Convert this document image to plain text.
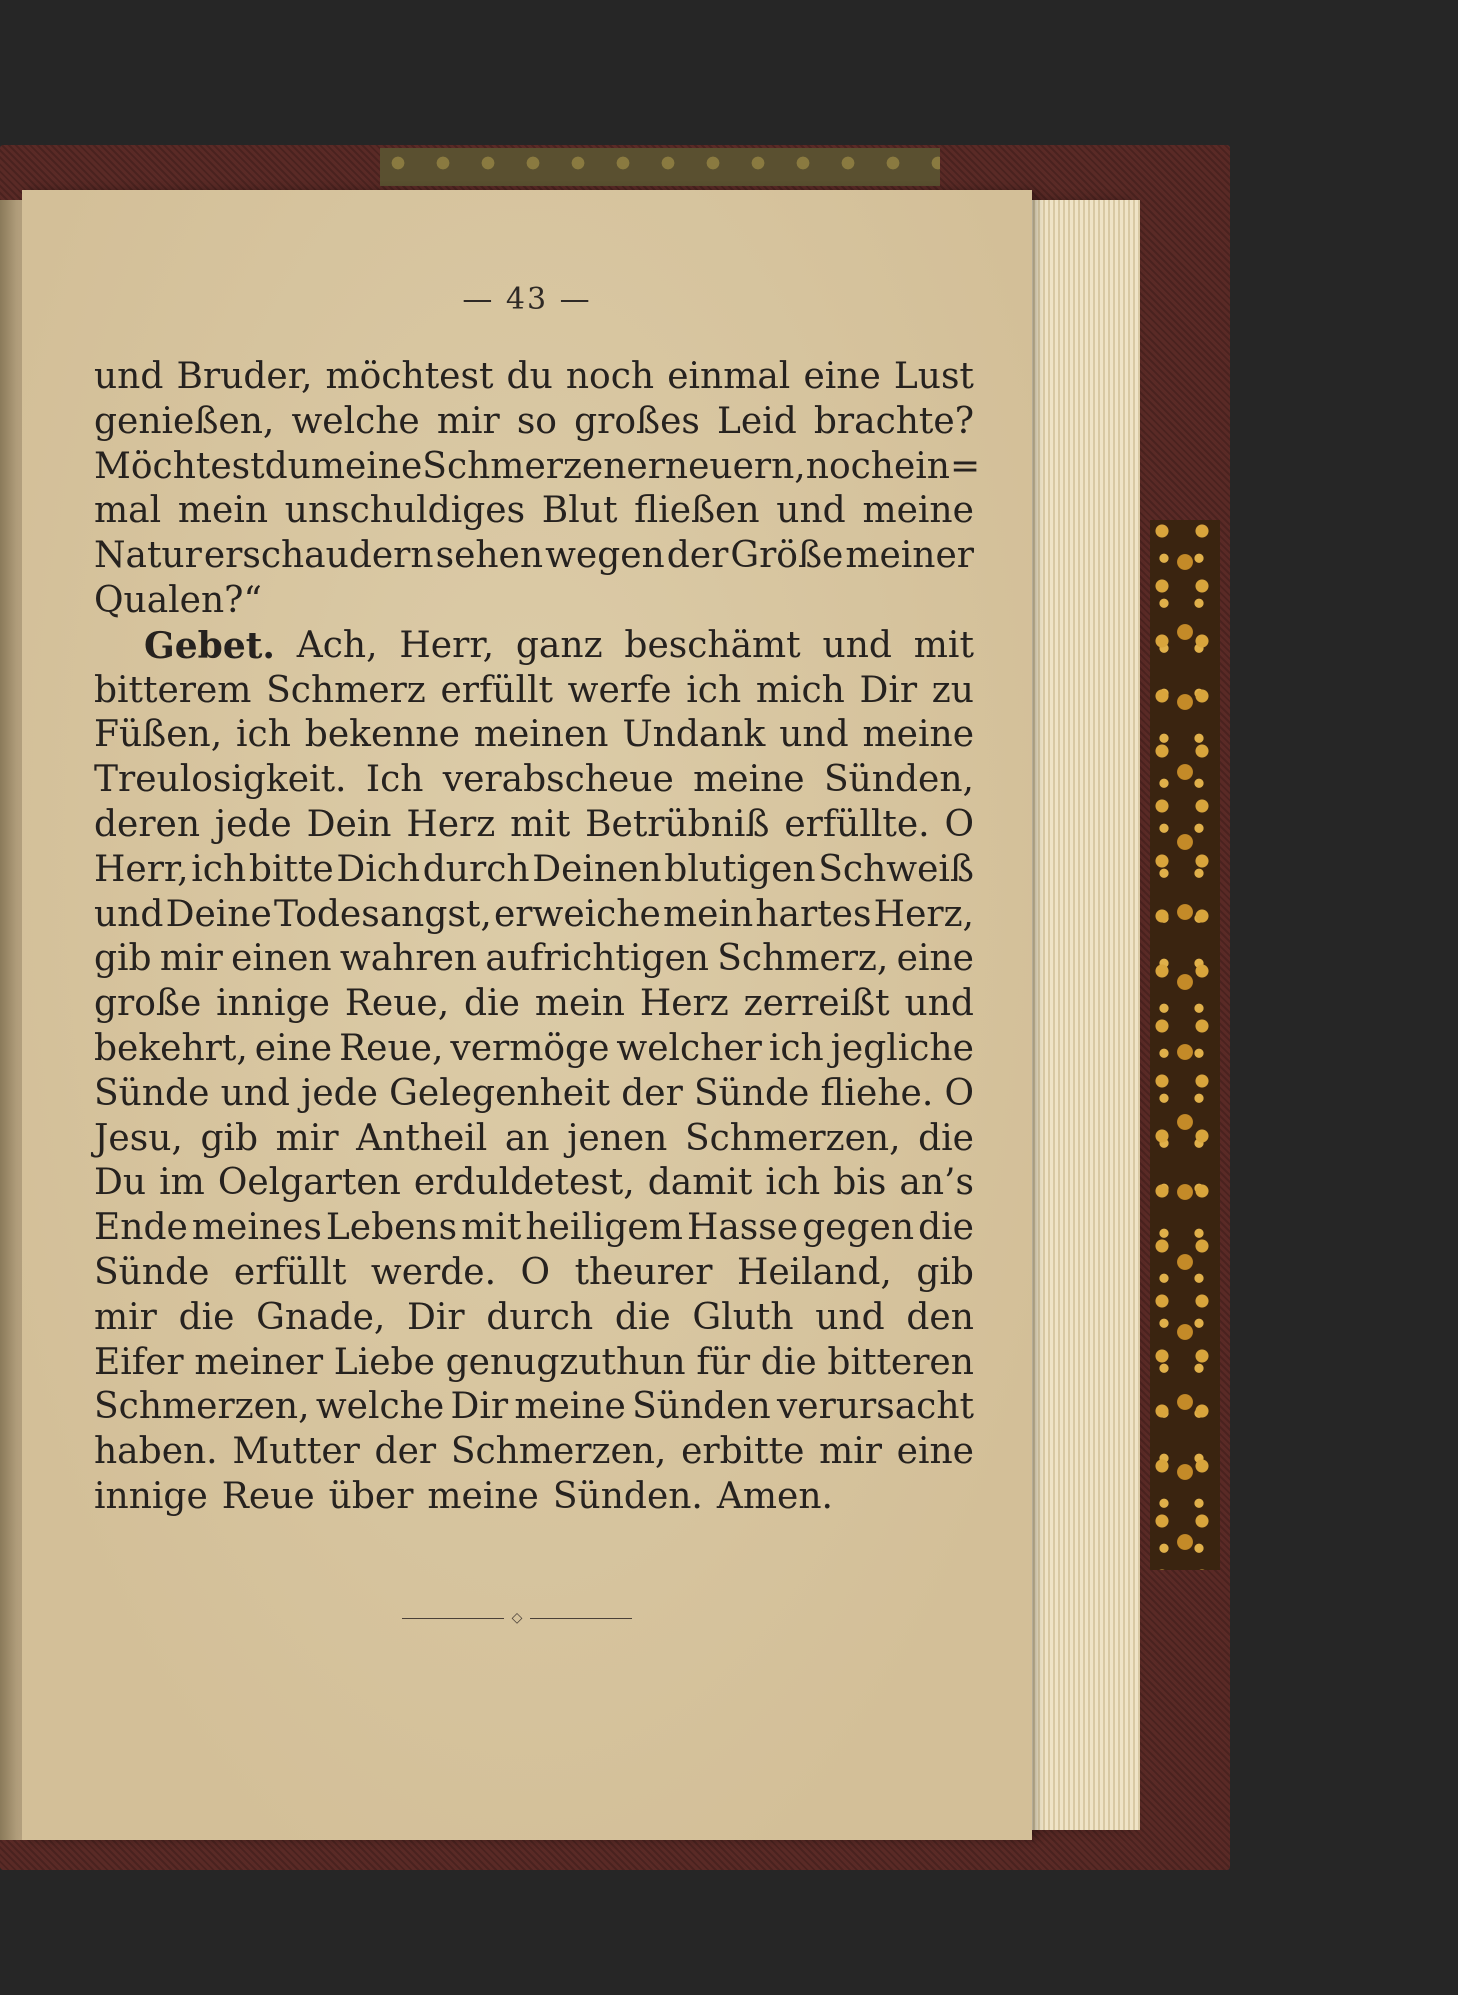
— 43 —
und Bruder, möchtest du noch einmal eine Lust
genießen, welche mir so großes Leid brachte?
Möchtest du meine Schmerzen erneuern, noch ein=
mal mein unschuldiges Blut fließen und meine
Natur erschaudern sehen wegen der Größe meiner
Qualen?“
Gebet. Ach, Herr, ganz beschämt und mit
bitterem Schmerz erfüllt werfe ich mich Dir zu
Füßen, ich bekenne meinen Undank und meine
Treulosigkeit. Ich verabscheue meine Sünden,
deren jede Dein Herz mit Betrübniß erfüllte. O
Herr, ich bitte Dich durch Deinen blutigen Schweiß
und Deine Todesangst, erweiche mein hartes Herz,
gib mir einen wahren aufrichtigen Schmerz, eine
große innige Reue, die mein Herz zerreißt und
bekehrt, eine Reue, vermöge welcher ich jegliche
Sünde und jede Gelegenheit der Sünde fliehe. O
Jesu, gib mir Antheil an jenen Schmerzen, die
Du im Oelgarten erduldetest, damit ich bis an’s
Ende meines Lebens mit heiligem Hasse gegen die
Sünde erfüllt werde. O theurer Heiland, gib
mir die Gnade, Dir durch die Gluth und den
Eifer meiner Liebe genugzuthun für die bitteren
Schmerzen, welche Dir meine Sünden verursacht
haben. Mutter der Schmerzen, erbitte mir eine
innige Reue über meine Sünden. Amen.
◇
